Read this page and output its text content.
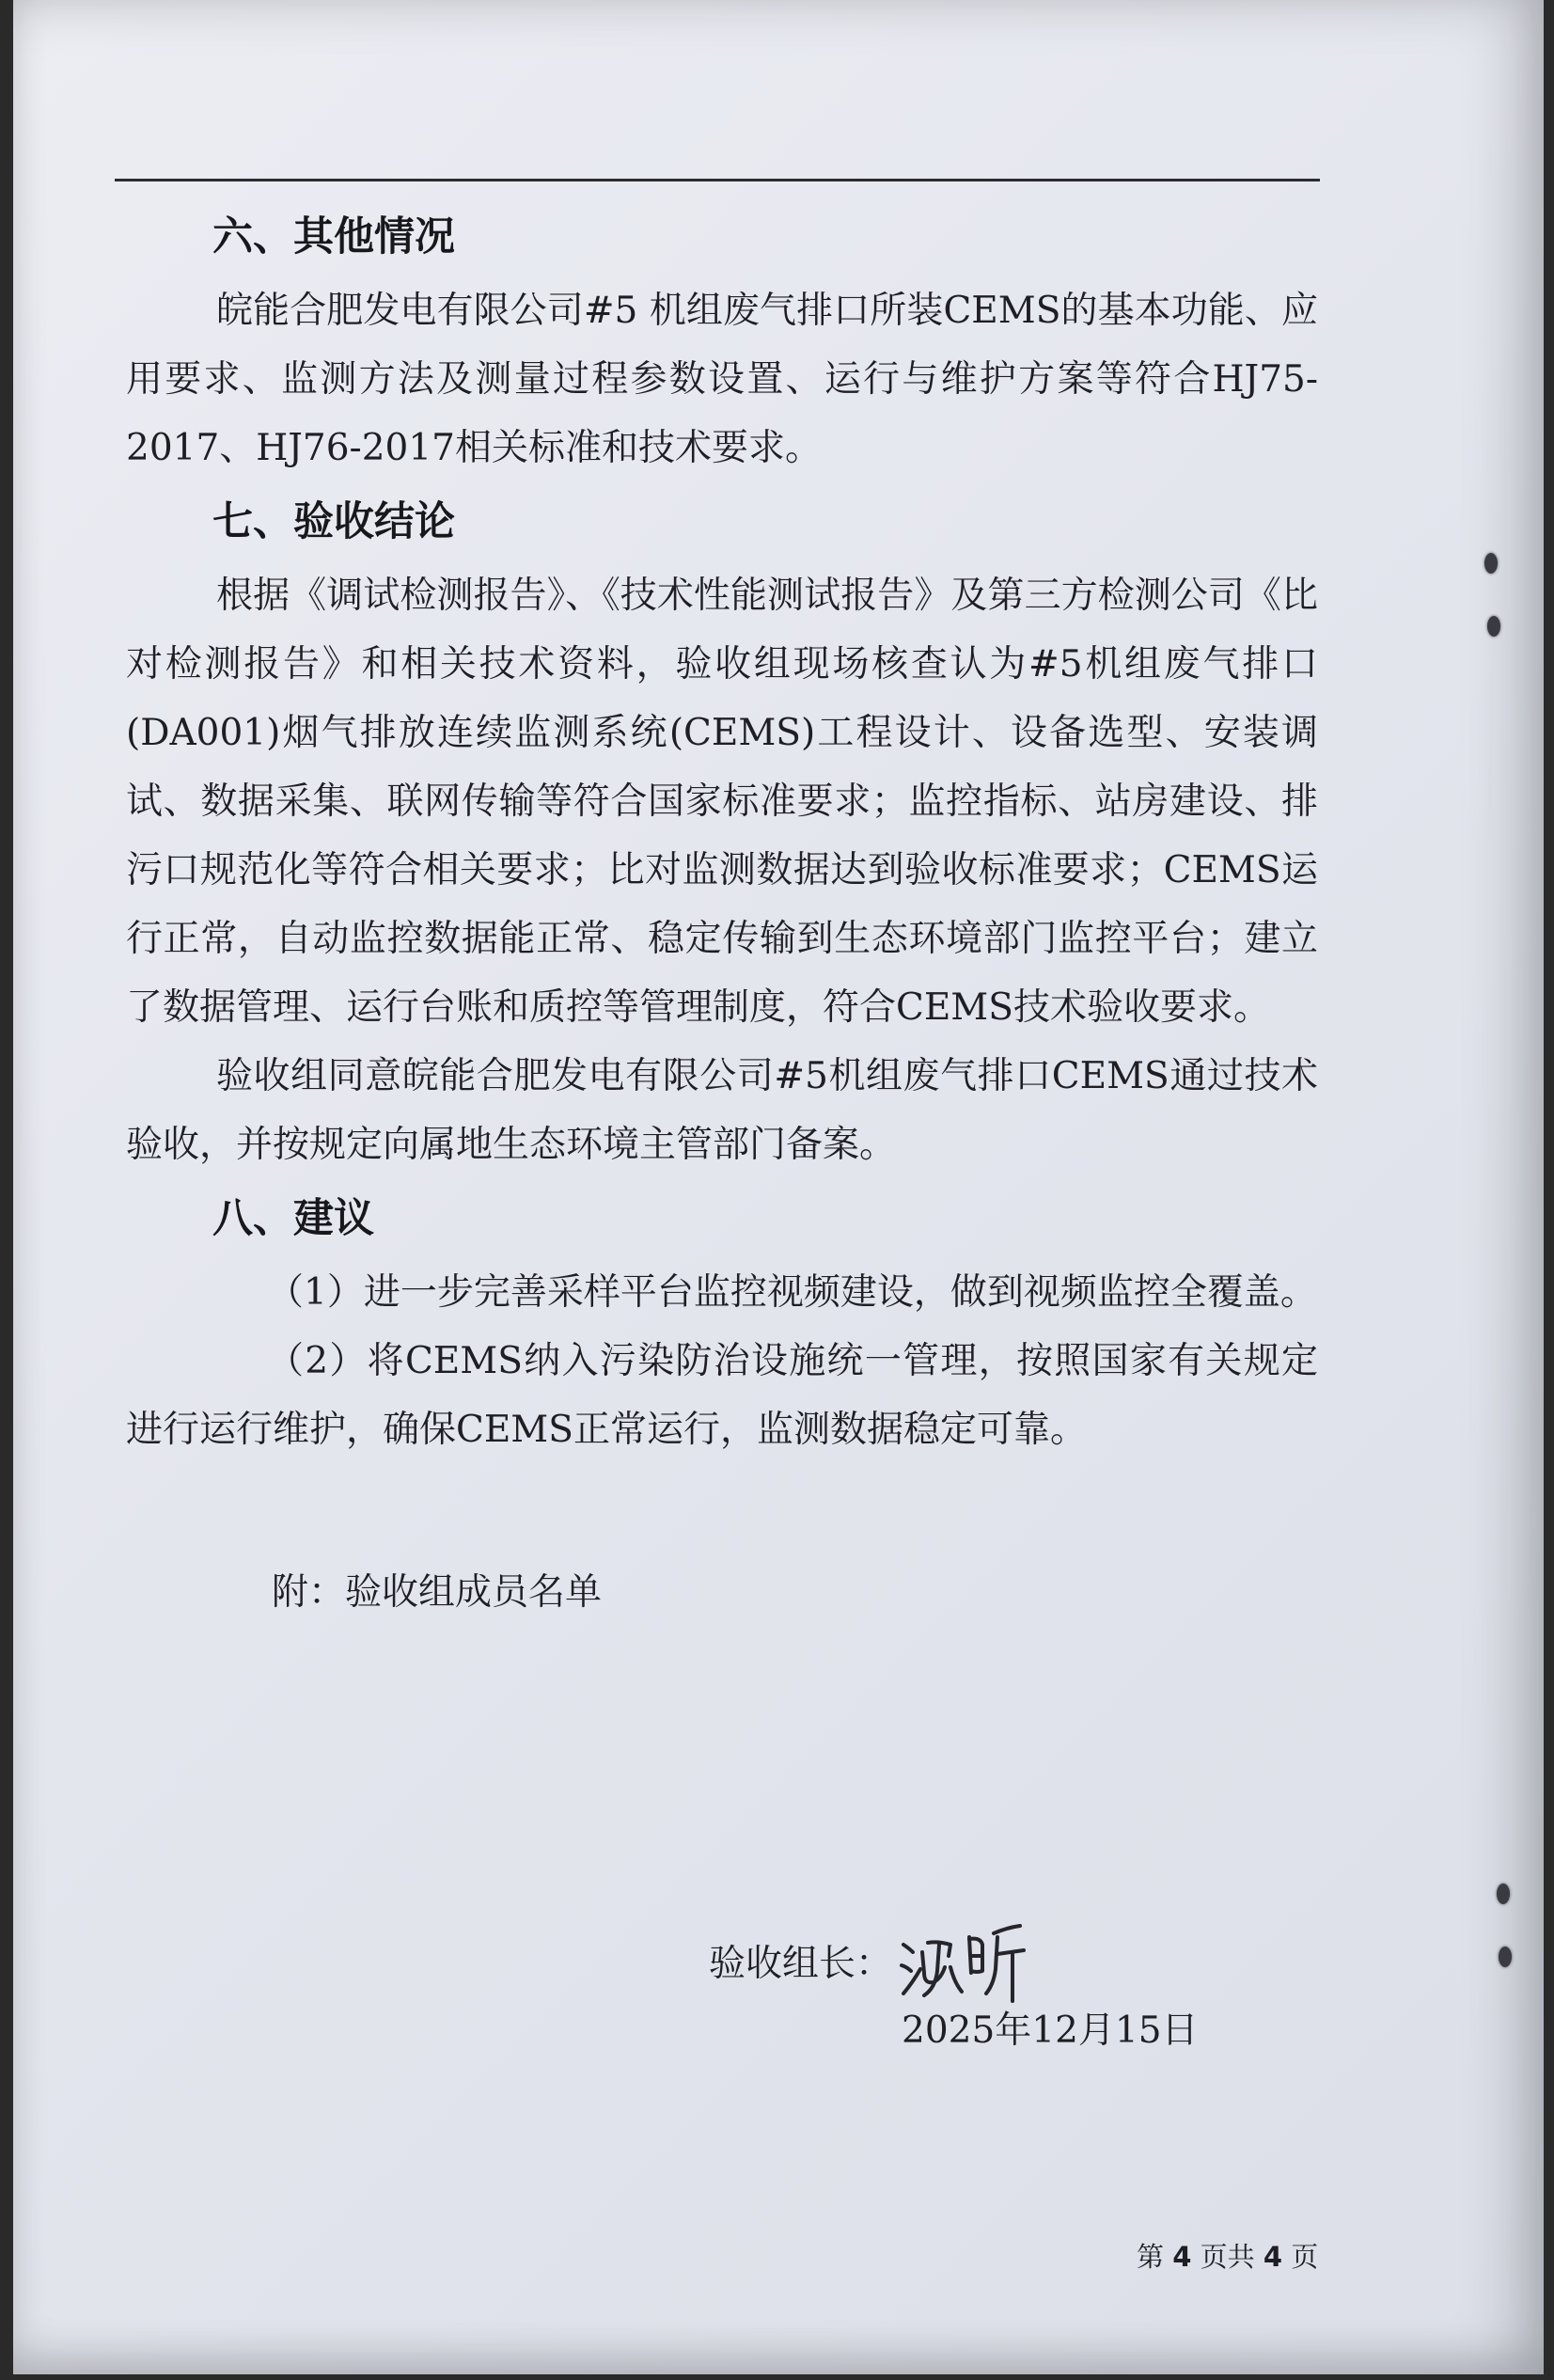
六、其他情况

皖能合肥发电有限公司#5 机组废气排口所装CEMS的基本功能、应用要求、监测方法及测量过程参数设置、运行与维护方案等符合HJ75-2017、HJ76-2017相关标准和技术要求。

七、验收结论

根据《调试检测报告》、《技术性能测试报告》及第三方检测公司《比对检测报告》和相关技术资料，验收组现场核查认为#5机组废气排口(DA001)烟气排放连续监测系统(CEMS)工程设计、设备选型、安装调试、数据采集、联网传输等符合国家标准要求；监控指标、站房建设、排污口规范化等符合相关要求；比对监测数据达到验收标准要求；CEMS运行正常，自动监控数据能正常、稳定传输到生态环境部门监控平台；建立了数据管理、运行台账和质控等管理制度，符合CEMS技术验收要求。

验收组同意皖能合肥发电有限公司#5机组废气排口CEMS通过技术验收，并按规定向属地生态环境主管部门备案。

八、建议

（1）进一步完善采样平台监控视频建设，做到视频监控全覆盖。

（2）将CEMS纳入污染防治设施统一管理，按照国家有关规定进行运行维护，确保CEMS正常运行，监测数据稳定可靠。

附：验收组成员名单

验收组长：
2025年12月15日
第 4 页共 4 页
